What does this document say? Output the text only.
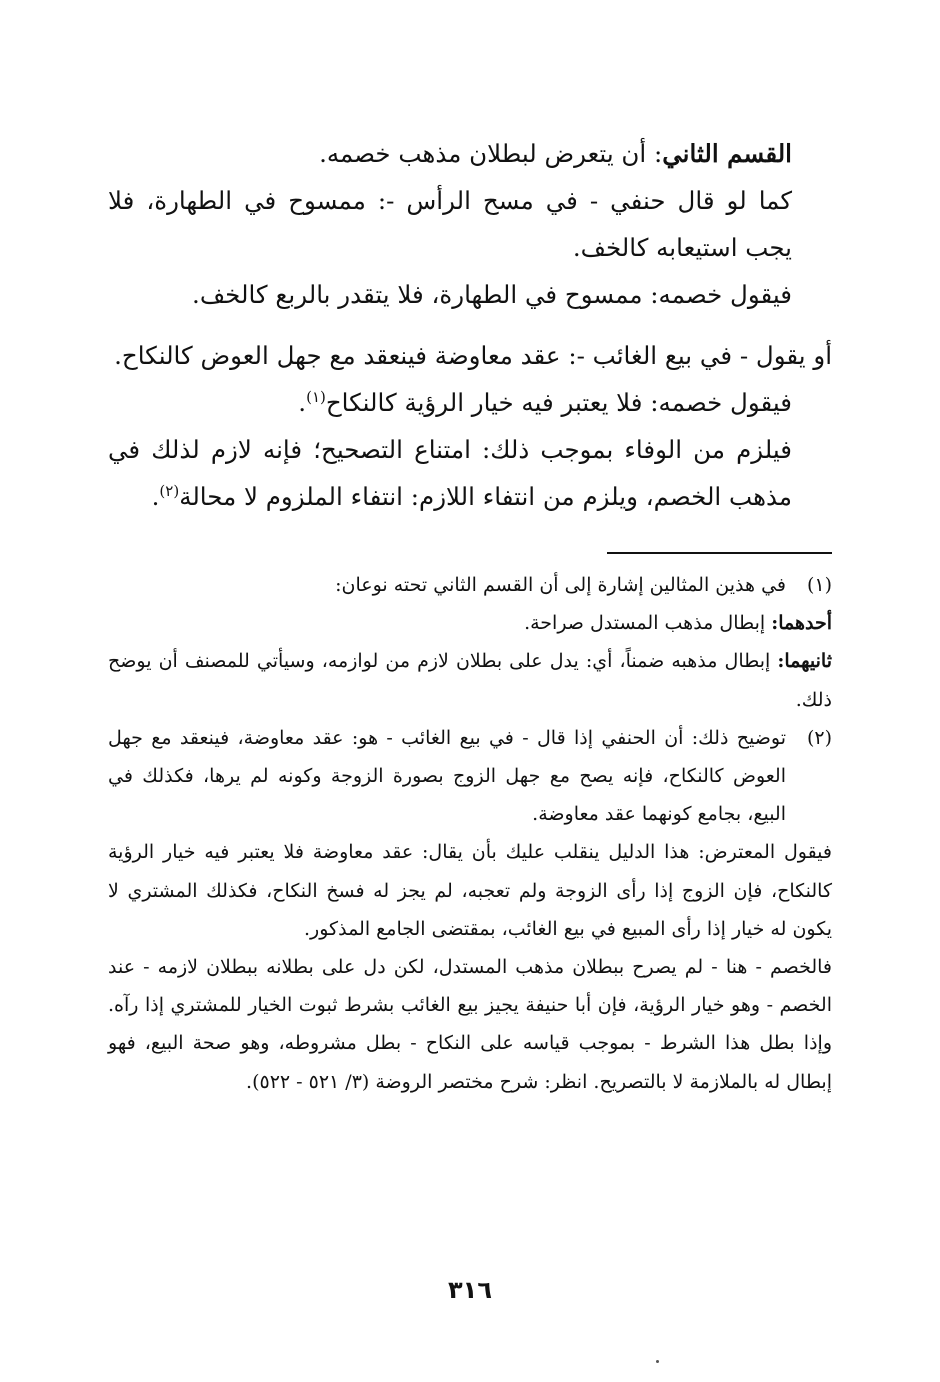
القسم الثاني: أن يتعرض لبطلان مذهب خصمه.

كما لو قال حنفي - في مسح الرأس -: ممسوح في الطهارة، فلا يجب استيعابه كالخف.

فيقول خصمه: ممسوح في الطهارة، فلا يتقدر بالربع كالخف.

أو يقول - في بيع الغائب -: عقد معاوضة فينعقد مع جهل العوض كالنكاح.

فيقول خصمه: فلا يعتبر فيه خيار الرؤية كالنكاح$^{(١)}$.

فيلزم من الوفاء بموجب ذلك: امتناع التصحيح؛ فإنه لازم لذلك في مذهب الخصم، ويلزم من انتفاء اللازم: انتفاء الملزوم لا محالة$^{(٢)}$.

(١)
في هذين المثالين إشارة إلى أن القسم الثاني تحته نوعان:

أحدهما: إبطال مذهب المستدل صراحة.

ثانيهما: إبطال مذهبه ضمناً، أي: يدل على بطلان لازم من لوازمه، وسيأتي للمصنف أن يوضح ذلك.

(٢)
توضيح ذلك: أن الحنفي إذا قال - في بيع الغائب - هو: عقد معاوضة، فينعقد مع جهل العوض كالنكاح، فإنه يصح مع جهل الزوج بصورة الزوجة وكونه لم يرها، فكذلك في البيع، بجامع كونهما عقد معاوضة.

فيقول المعترض: هذا الدليل ينقلب عليك بأن يقال: عقد معاوضة فلا يعتبر فيه خيار الرؤية كالنكاح، فإن الزوج إذا رأى الزوجة ولم تعجبه، لم يجز له فسخ النكاح، فكذلك المشتري لا يكون له خيار إذا رأى المبيع في بيع الغائب، بمقتضى الجامع المذكور.

فالخصم - هنا - لم يصرح ببطلان مذهب المستدل، لكن دل على بطلانه ببطلان لازمه - عند الخصم - وهو خيار الرؤية، فإن أبا حنيفة يجيز بيع الغائب بشرط ثبوت الخيار للمشتري إذا رآه. وإذا بطل هذا الشرط - بموجب قياسه على النكاح - بطل مشروطه، وهو صحة البيع، فهو إبطال له بالملازمة لا بالتصريح. انظر: شرح مختصر الروضة (٣/ ٥٢١ - ٥٢٢).

٣١٦
